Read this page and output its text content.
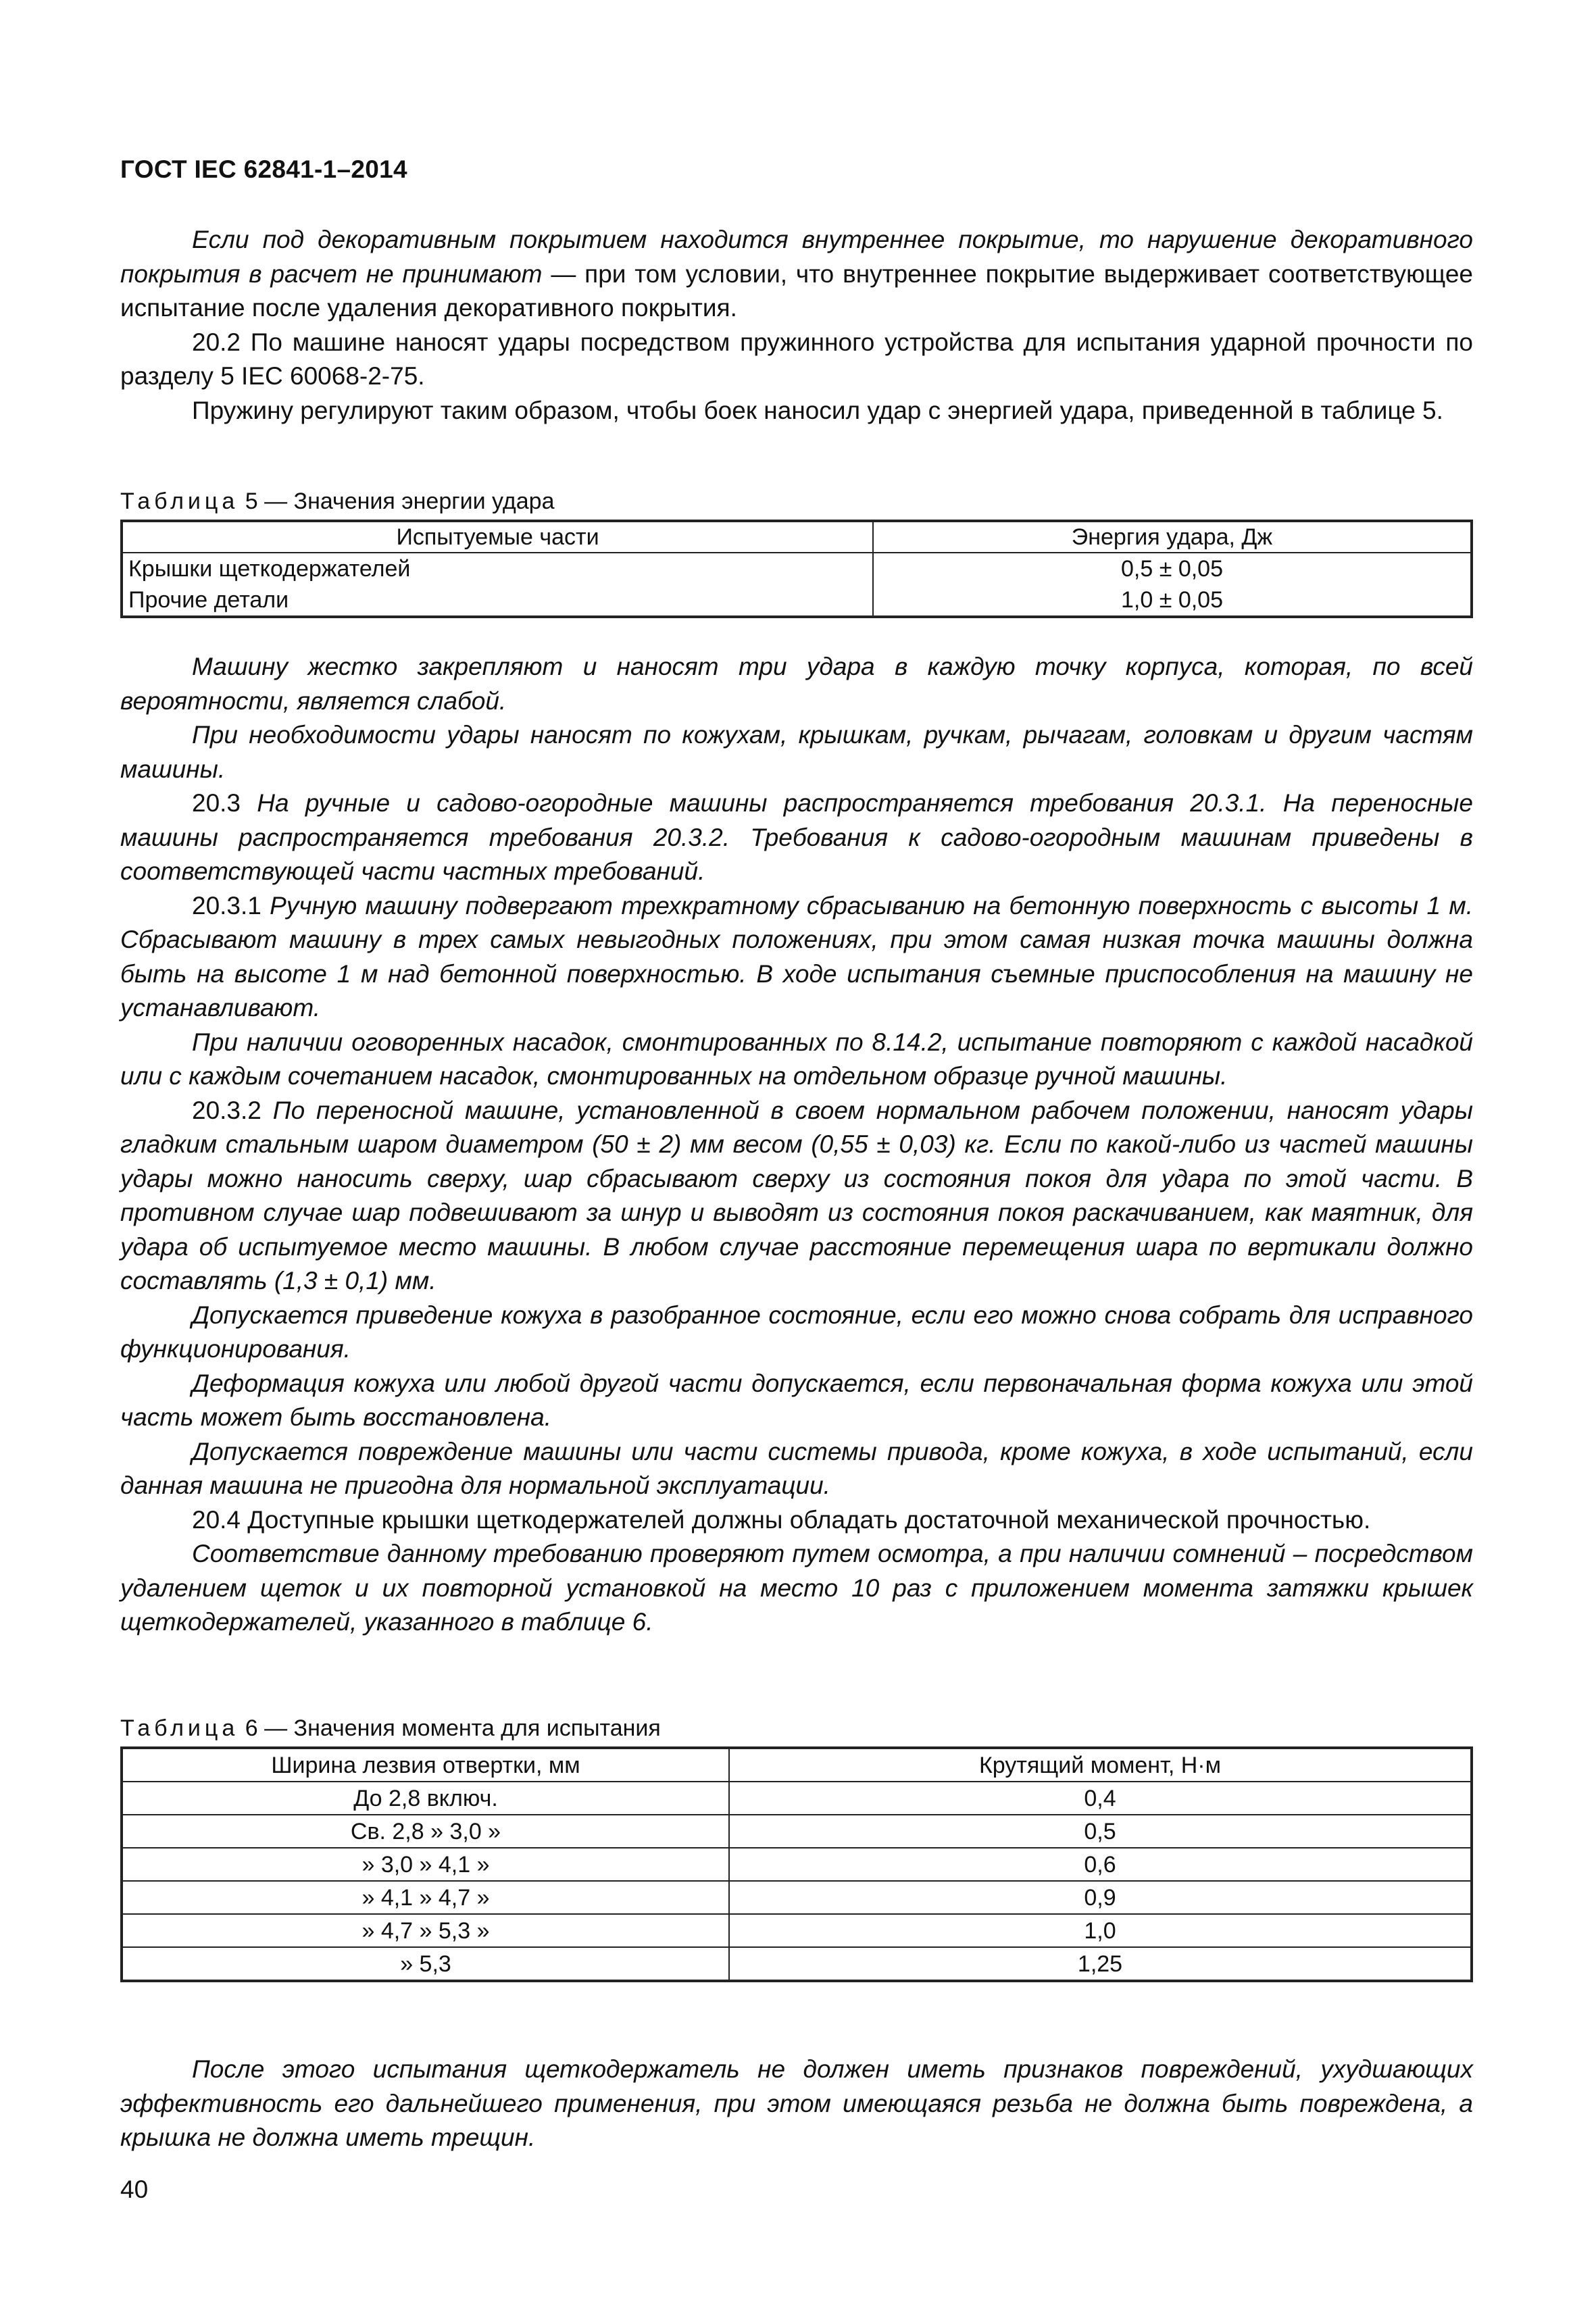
ГОСТ IEC 62841-1–2014

Если под декоративным покрытием находится внутреннее покрытие, то нарушение декоративного покрытия в расчет не принимают — при том условии, что внутреннее покрытие выдерживает соответствующее испытание после удаления декоративного покрытия.

20.2 По машине наносят удары посредством пружинного устройства для испытания ударной прочности по разделу 5 IEC 60068-2-75.

Пружину регулируют таким образом, чтобы боек наносил удар с энергией удара, приведенной в таблице 5.

Таблица 5 — Значения энергии удара
Испытуемые части	Энергия удара, Дж
Крышки щеткодержателей	0,5 ± 0,05
Прочие детали	1,0 ± 0,05

Машину жестко закрепляют и наносят три удара в каждую точку корпуса, которая, по всей вероятности, является слабой.

При необходимости удары наносят по кожухам, крышкам, ручкам, рычагам, головкам и другим частям машины.

20.3 На ручные и садово-огородные машины распространяется требования 20.3.1. На переносные машины распространяется требования 20.3.2. Требования к садово-огородным машинам приведены в соответствующей части частных требований.

20.3.1 Ручную машину подвергают трехкратному сбрасыванию на бетонную поверхность с высоты 1 м. Сбрасывают машину в трех самых невыгодных положениях, при этом самая низкая точка машины должна быть на высоте 1 м над бетонной поверхностью. В ходе испытания съемные приспособления на машину не устанавливают.

При наличии оговоренных насадок, смонтированных по 8.14.2, испытание повторяют с каждой насадкой или с каждым сочетанием насадок, смонтированных на отдельном образце ручной машины.

20.3.2 По переносной машине, установленной в своем нормальном рабочем положении, наносят удары гладким стальным шаром диаметром (50 ± 2) мм весом (0,55 ± 0,03) кг. Если по какой-либо из частей машины удары можно наносить сверху, шар сбрасывают сверху из состояния покоя для удара по этой части. В противном случае шар подвешивают за шнур и выводят из состояния покоя раскачиванием, как маятник, для удара об испытуемое место машины. В любом случае расстояние перемещения шара по вертикали должно составлять (1,3 ± 0,1) мм.

Допускается приведение кожуха в разобранное состояние, если его можно снова собрать для исправного функционирования.

Деформация кожуха или любой другой части допускается, если первоначальная форма кожуха или этой часть может быть восстановлена.

Допускается повреждение машины или части системы привода, кроме кожуха, в ходе испытаний, если данная машина не пригодна для нормальной эксплуатации.

20.4 Доступные крышки щеткодержателей должны обладать достаточной механической прочностью.

Соответствие данному требованию проверяют путем осмотра, а при наличии сомнений – посредством удалением щеток и их повторной установкой на место 10 раз с приложением момента затяжки крышек щеткодержателей, указанного в таблице 6.

Таблица 6 — Значения момента для испытания
Ширина лезвия отвертки, мм	Крутящий момент, Н·м
До 2,8 включ.	0,4
Св. 2,8 » 3,0 »	0,5
» 3,0 » 4,1 »	0,6
» 4,1 » 4,7 »	0,9
» 4,7 » 5,3 »	1,0
» 5,3	1,25

После этого испытания щеткодержатель не должен иметь признаков повреждений, ухудшающих эффективность его дальнейшего применения, при этом имеющаяся резьба не должна быть повреждена, а крышка не должна иметь трещин.

40
